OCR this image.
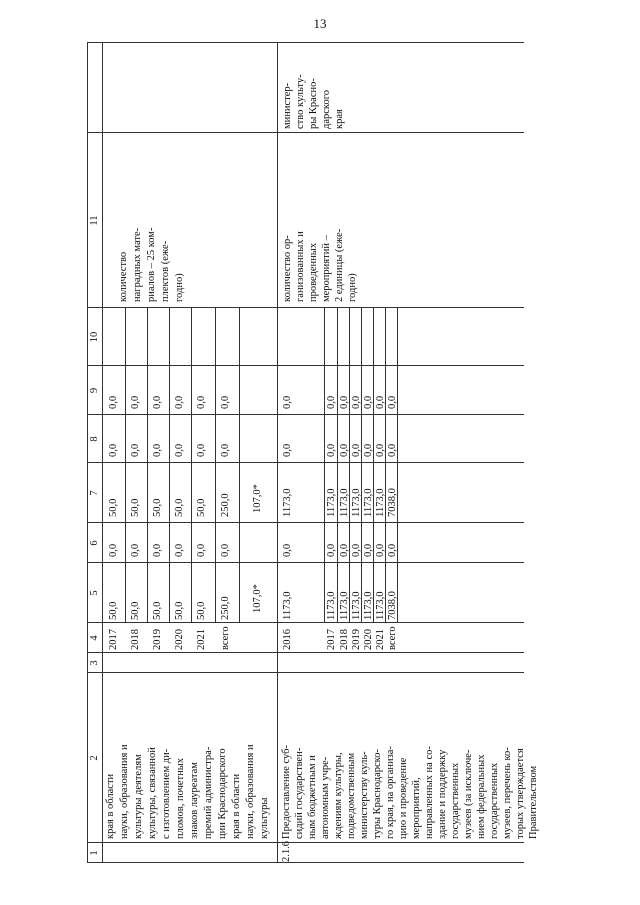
13
1
2
3
4
5
6
7
8
9
10
11
края в области науки, образования и культуры деятелям культуры, связанной с изготовлением ди- пломов, почетных знаков лауреатам премий администра- ции Краснодарского края в области науки, образования и культуры
2017
50,0
0,0
50,0
0,0
0,0
2018
50,0
0,0
50,0
0,0
0,0
2019
50,0
0,0
50,0
0,0
0,0
2020
50,0
0,0
50,0
0,0
0,0
2021
50,0
0,0
50,0
0,0
0,0
всего
250,0
0,0
250,0
0,0
0,0
107,0*
107,0*
количество наградных мате- риалов – 25 ком- плектов (еже- годно)
2.1.6
Предоставление суб- сидий государствен- ным бюджетным и автономным учре- ждениям культуры, подведомственным министерству куль- туры Краснодарско- го края, на организа- цию и проведение мероприятий, направленных на со- здание и поддержку государственных музеев (за исключе- нием федеральных государственных музеев, перечень ко- торых утверждается Правительством
2016
1173,0
0,0
1173,0
0,0
0,0
2017
1173,0
0,0
1173,0
0,0
0,0
2018
1173,0
0,0
1173,0
0,0
0,0
2019
1173,0
0,0
1173,0
0,0
0,0
2020
1173,0
0,0
1173,0
0,0
0,0
2021
1173,0
0,0
1173,0
0,0
0,0
всего
7038,0
0,0
7038,0
0,0
0,0
количество ор- ганизованных и проведенных мероприятий – 2 единицы (еже- годно)
министер- ство культу- ры Красно- дарского края
